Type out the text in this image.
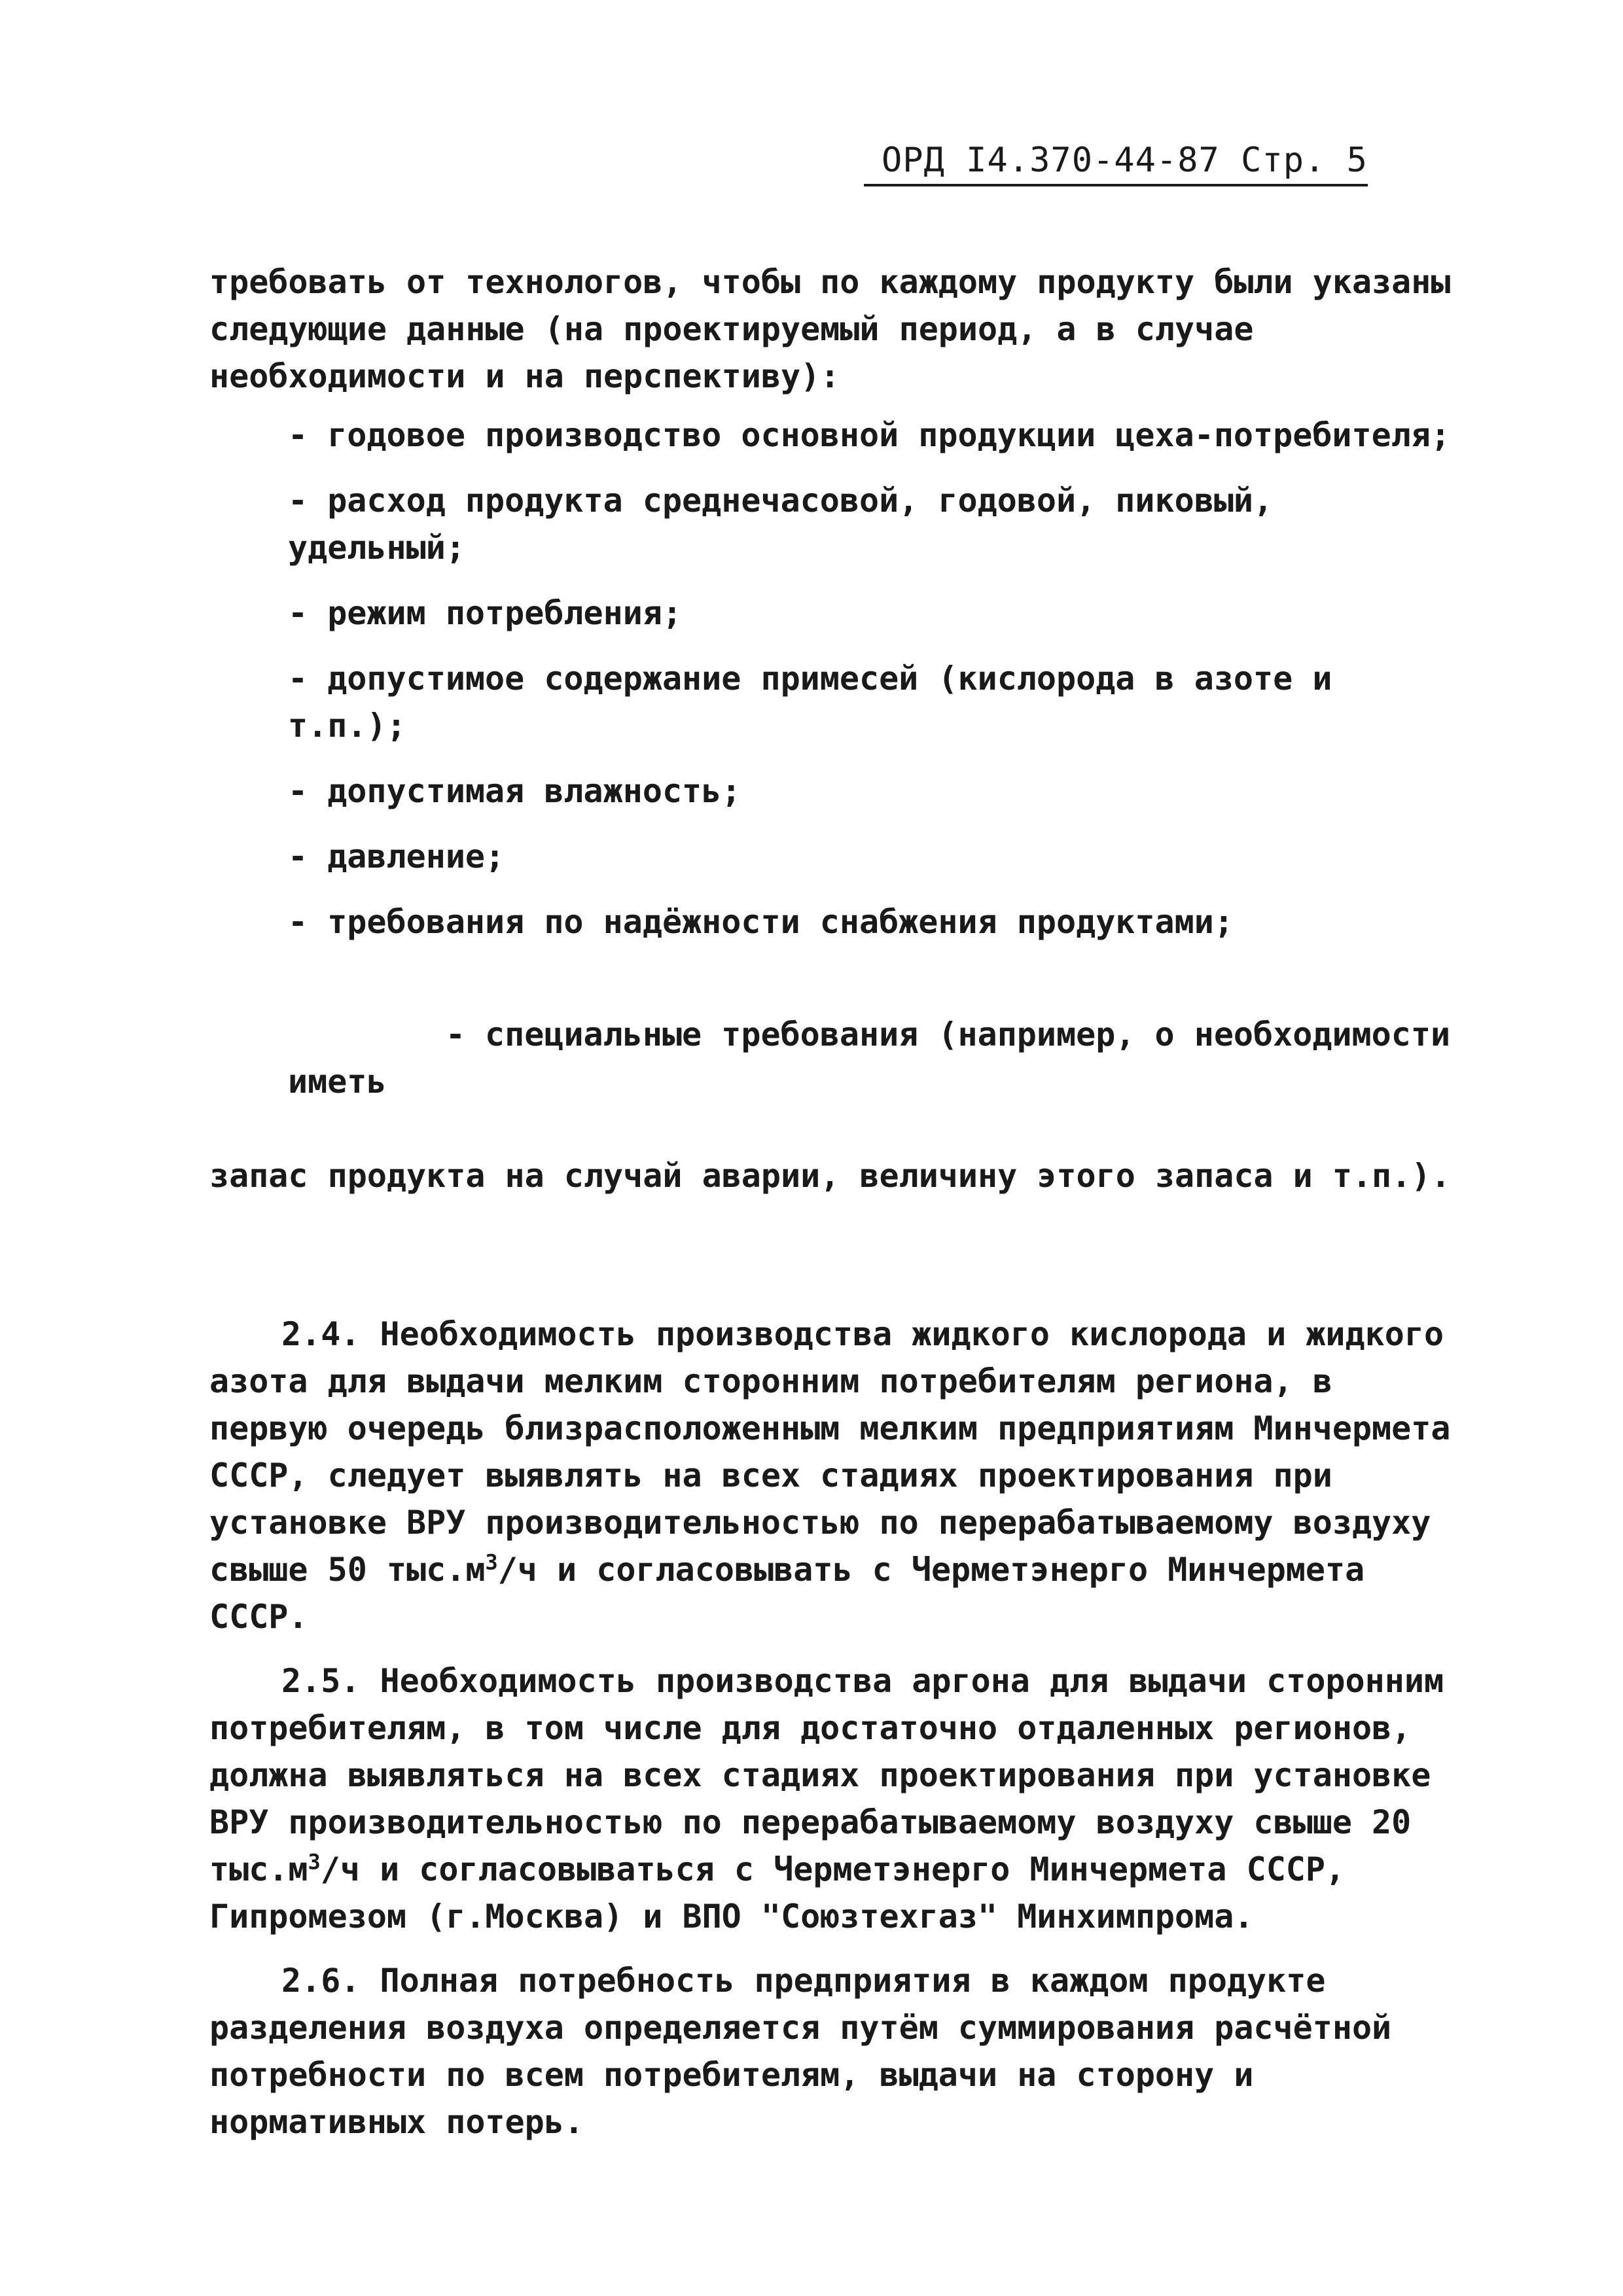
ОРД І4.370-44-87 Стр. 5

требовать от технологов, чтобы по каждому продукту были указаны следующие данные (на проектируемый период, а в случае необходимости и на перспективу):

- годовое производство основной продукции цеха-потребителя;
- расход продукта среднечасовой, годовой, пиковый, удельный;
- режим потребления;
- допустимое содержание примесей (кислорода в азоте и т.п.);
- допустимая влажность;
- давление;
- требования по надёжности снабжения продуктами;

- специальные требования (например, о необходимости иметь

запас продукта на случай аварии, величину этого запаса и т.п.).

2.4. Необходимость производства жидкого кислорода и жидкого азота для выдачи мелким сторонним потребителям региона, в первую очередь близрасположенным мелким предприятиям Минчермета СССР, следует выявлять на всех стадиях проектирования при установке ВРУ производительностью по перерабатываемому воздуху свыше 50 $тыс.м^3/ч$ и согласовывать с Черметэнерго Минчермета СССР.

2.5. Необходимость производства аргона для выдачи сторонним потребителям, в том числе для достаточно отдаленных регионов, должна выявляться на всех стадиях проектирования при установке ВРУ производительностью по перерабатываемому воздуху свыше 20 $тыс.м^3/ч$ и согласовываться с Черметэнерго Минчермета СССР, Гипромезом (г.Москва) и ВПО "Союзтехгаз" Минхимпрома.

2.6. Полная потребность предприятия в каждом продукте разделения воздуха определяется путём суммирования расчётной потребности по всем потребителям, выдачи на сторону и нормативных потерь.
